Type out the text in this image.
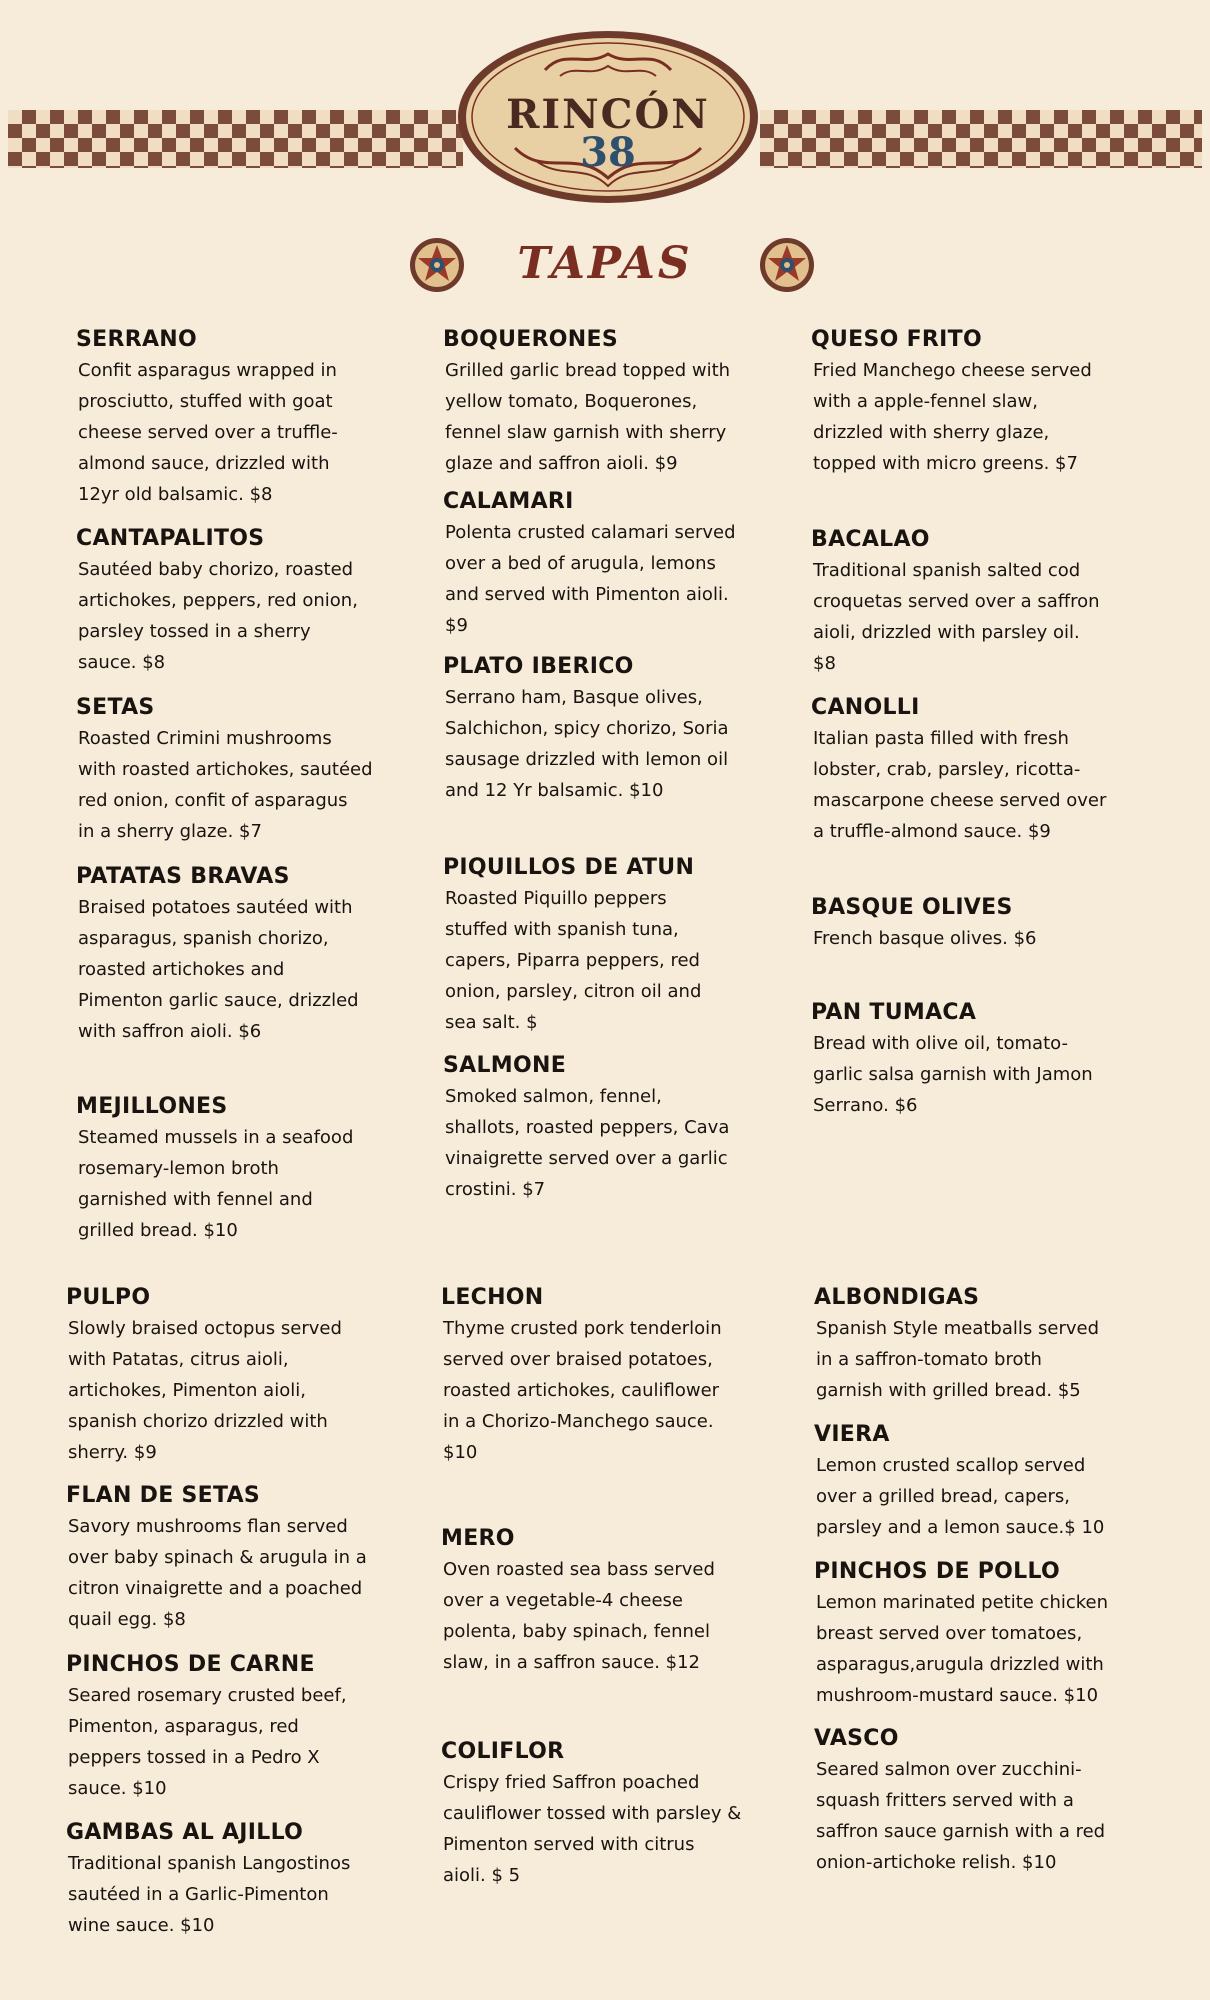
RINCÓN
38
TAPAS
SERRANO
Confit asparagus wrapped in
prosciutto, stuffed with goat
cheese served over a truffle-
almond sauce, drizzled with
12yr old balsamic. $8
CANTAPALITOS
Sautéed baby chorizo, roasted
artichokes, peppers, red onion,
parsley tossed in a sherry
sauce. $8
SETAS
Roasted Crimini mushrooms
with roasted artichokes, sautéed
red onion, confit of asparagus
in a sherry glaze. $7
PATATAS BRAVAS
Braised potatoes sautéed with
asparagus, spanish chorizo,
roasted artichokes and
Pimenton garlic sauce, drizzled
with saffron aioli. $6
MEJILLONES
Steamed mussels in a seafood
rosemary-lemon broth
garnished with fennel and
grilled bread. $10
PULPO
Slowly braised octopus served
with Patatas, citrus aioli,
artichokes, Pimenton aioli,
spanish chorizo drizzled with
sherry. $9
FLAN DE SETAS
Savory mushrooms flan served
over baby spinach & arugula in a
citron vinaigrette and a poached
quail egg. $8
PINCHOS DE CARNE
Seared rosemary crusted beef,
Pimenton, asparagus, red
peppers tossed in a Pedro X
sauce. $10
GAMBAS AL AJILLO
Traditional spanish Langostinos
sautéed in a Garlic-Pimenton
wine sauce. $10
BOQUERONES
Grilled garlic bread topped with
yellow tomato, Boquerones,
fennel slaw garnish with sherry
glaze and saffron aioli. $9
CALAMARI
Polenta crusted calamari served
over a bed of arugula, lemons
and served with Pimenton aioli.
$9
PLATO IBERICO
Serrano ham, Basque olives,
Salchichon, spicy chorizo, Soria
sausage drizzled with lemon oil
and 12 Yr balsamic. $10
PIQUILLOS DE ATUN
Roasted Piquillo peppers
stuffed with spanish tuna,
capers, Piparra peppers, red
onion, parsley, citron oil and
sea salt. $
SALMONE
Smoked salmon, fennel,
shallots, roasted peppers, Cava
vinaigrette served over a garlic
crostini. $7
LECHON
Thyme crusted pork tenderloin
served over braised potatoes,
roasted artichokes, cauliflower
in a Chorizo-Manchego sauce.
$10
MERO
Oven roasted sea bass served
over a vegetable-4 cheese
polenta, baby spinach, fennel
slaw, in a saffron sauce. $12
COLIFLOR
Crispy fried Saffron poached
cauliflower tossed with parsley &
Pimenton served with citrus
aioli. $ 5
QUESO FRITO
Fried Manchego cheese served
with a apple-fennel slaw,
drizzled with sherry glaze,
topped with micro greens. $7
BACALAO
Traditional spanish salted cod
croquetas served over a saffron
aioli, drizzled with parsley oil.
$8
CANOLLI
Italian pasta filled with fresh
lobster, crab, parsley, ricotta-
mascarpone cheese served over
a truffle-almond sauce. $9
BASQUE OLIVES
French basque olives. $6
PAN TUMACA
Bread with olive oil, tomato-
garlic salsa garnish with Jamon
Serrano. $6
ALBONDIGAS
Spanish Style meatballs served
in a saffron-tomato broth
garnish with grilled bread. $5
VIERA
Lemon crusted scallop served
over a grilled bread, capers,
parsley and a lemon sauce.$ 10
PINCHOS DE POLLO
Lemon marinated petite chicken
breast served over tomatoes,
asparagus,arugula drizzled with
mushroom-mustard sauce. $10
VASCO
Seared salmon over zucchini-
squash fritters served with a
saffron sauce garnish with a red
onion-artichoke relish. $10
